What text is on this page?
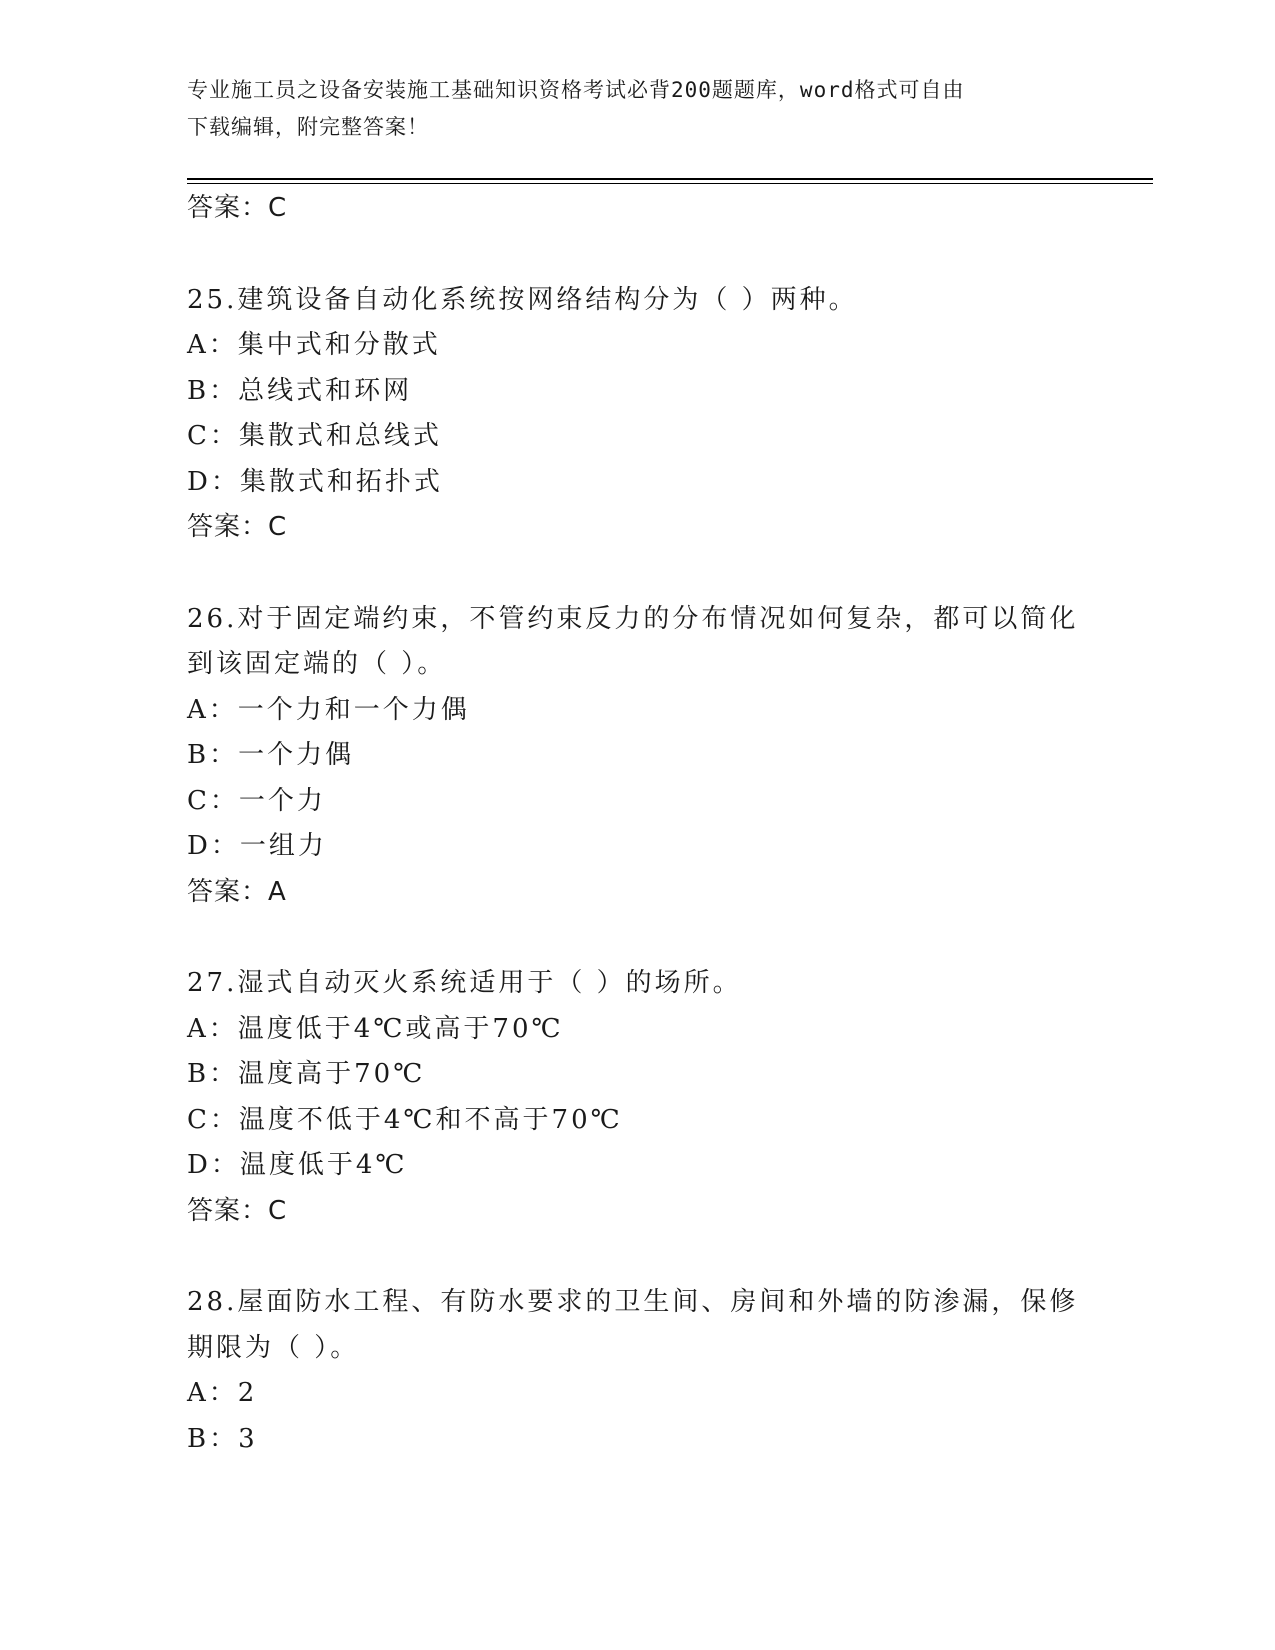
专业施工员之设备安装施工基础知识资格考试必背200题题库，word格式可自由
下载编辑，附完整答案！
答案：C
25.建筑设备自动化系统按网络结构分为（ ）两种。
A：集中式和分散式
B：总线式和环网
C：集散式和总线式
D：集散式和拓扑式
答案：C
26.对于固定端约束，不管约束反力的分布情况如何复杂，都可以简化
到该固定端的（ ）。
A：一个力和一个力偶
B：一个力偶
C：一个力
D：一组力
答案：A
27.湿式自动灭火系统适用于（ ）的场所。
A：温度低于4℃或高于70℃
B：温度高于70℃
C：温度不低于4℃和不高于70℃
D：温度低于4℃
答案：C
28.屋面防水工程、有防水要求的卫生间、房间和外墙的防渗漏，保修
期限为（ ）。
A：2
B：3
